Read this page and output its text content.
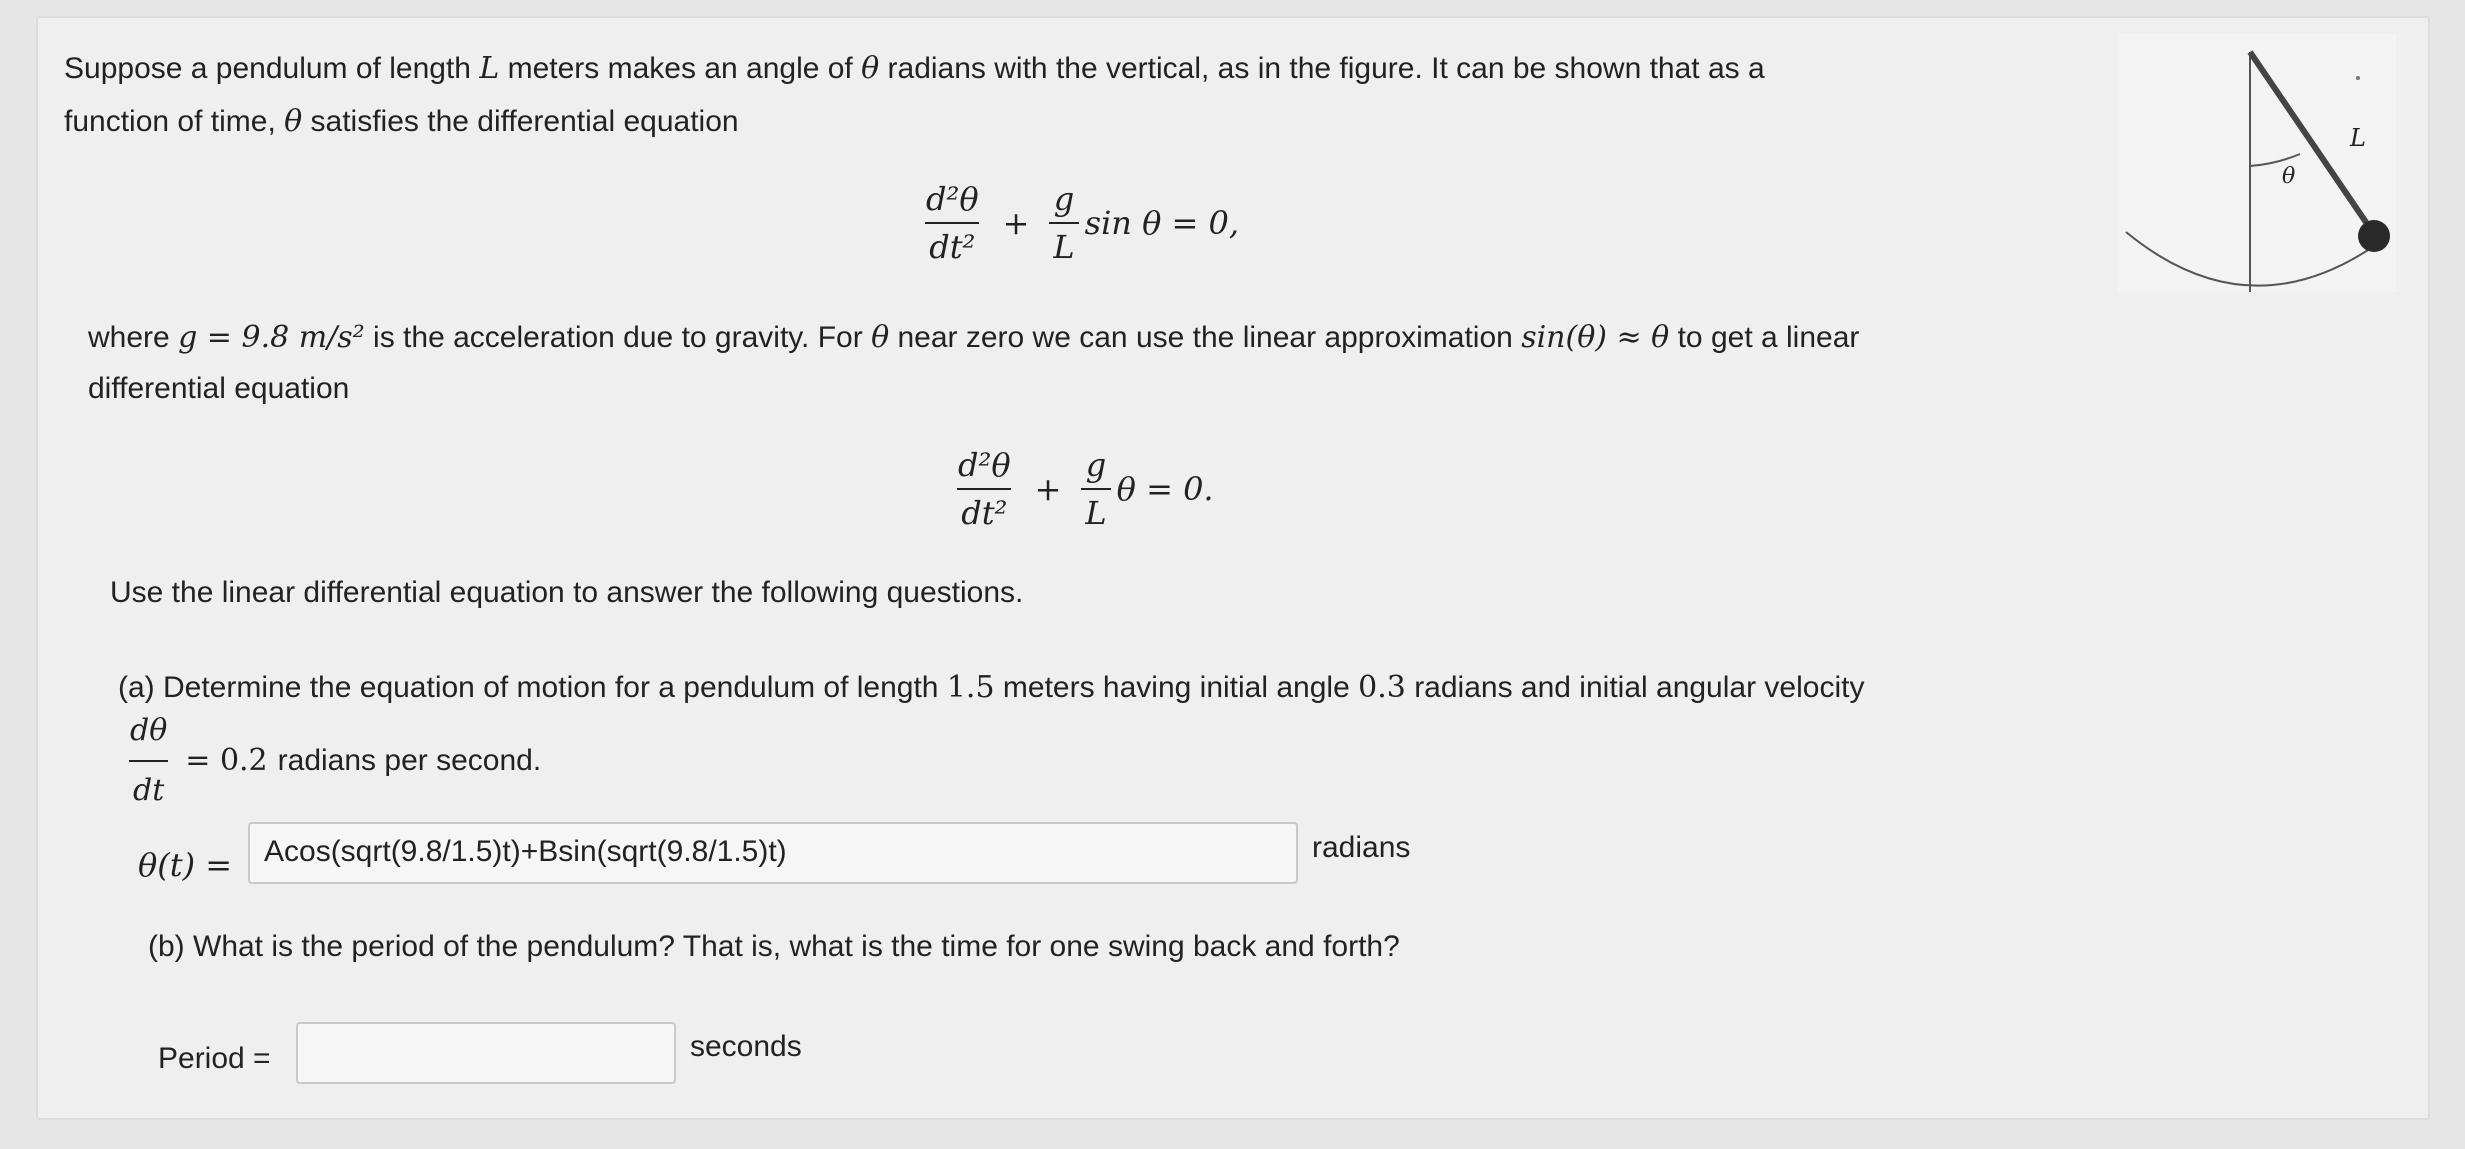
Suppose a pendulum of length L meters makes an angle of θ radians with the vertical, as in the figure. It can be shown that as a
function of time, θ satisfies the differential equation
$\frac{\text{d²θ}}{\text{dt²}} + \frac{g}{L}$ sin θ = 0,
where g = 9.8 m/s² is the acceleration due to gravity. For θ near zero we can use the linear approximation sin(θ) ≈ θ to get a linear
differential equation
$\frac{\text{d²θ}}{\text{dt²}} + \frac{g}{L}$ θ = 0.
Use the linear differential equation to answer the following questions.
(a) Determine the equation of motion for a pendulum of length 1.5 meters having initial angle 0.3 radians and initial angular velocity
$\frac{d\theta}{dt} = 0.2$ radians per second.
θ(t) =	Acos(sqrt(9.8/1.5)t)+Bsin(sqrt(9.8/1.5)t)	radians
(b) What is the period of the pendulum? That is, what is the time for one swing back and forth?
Period =	seconds
θ
L
